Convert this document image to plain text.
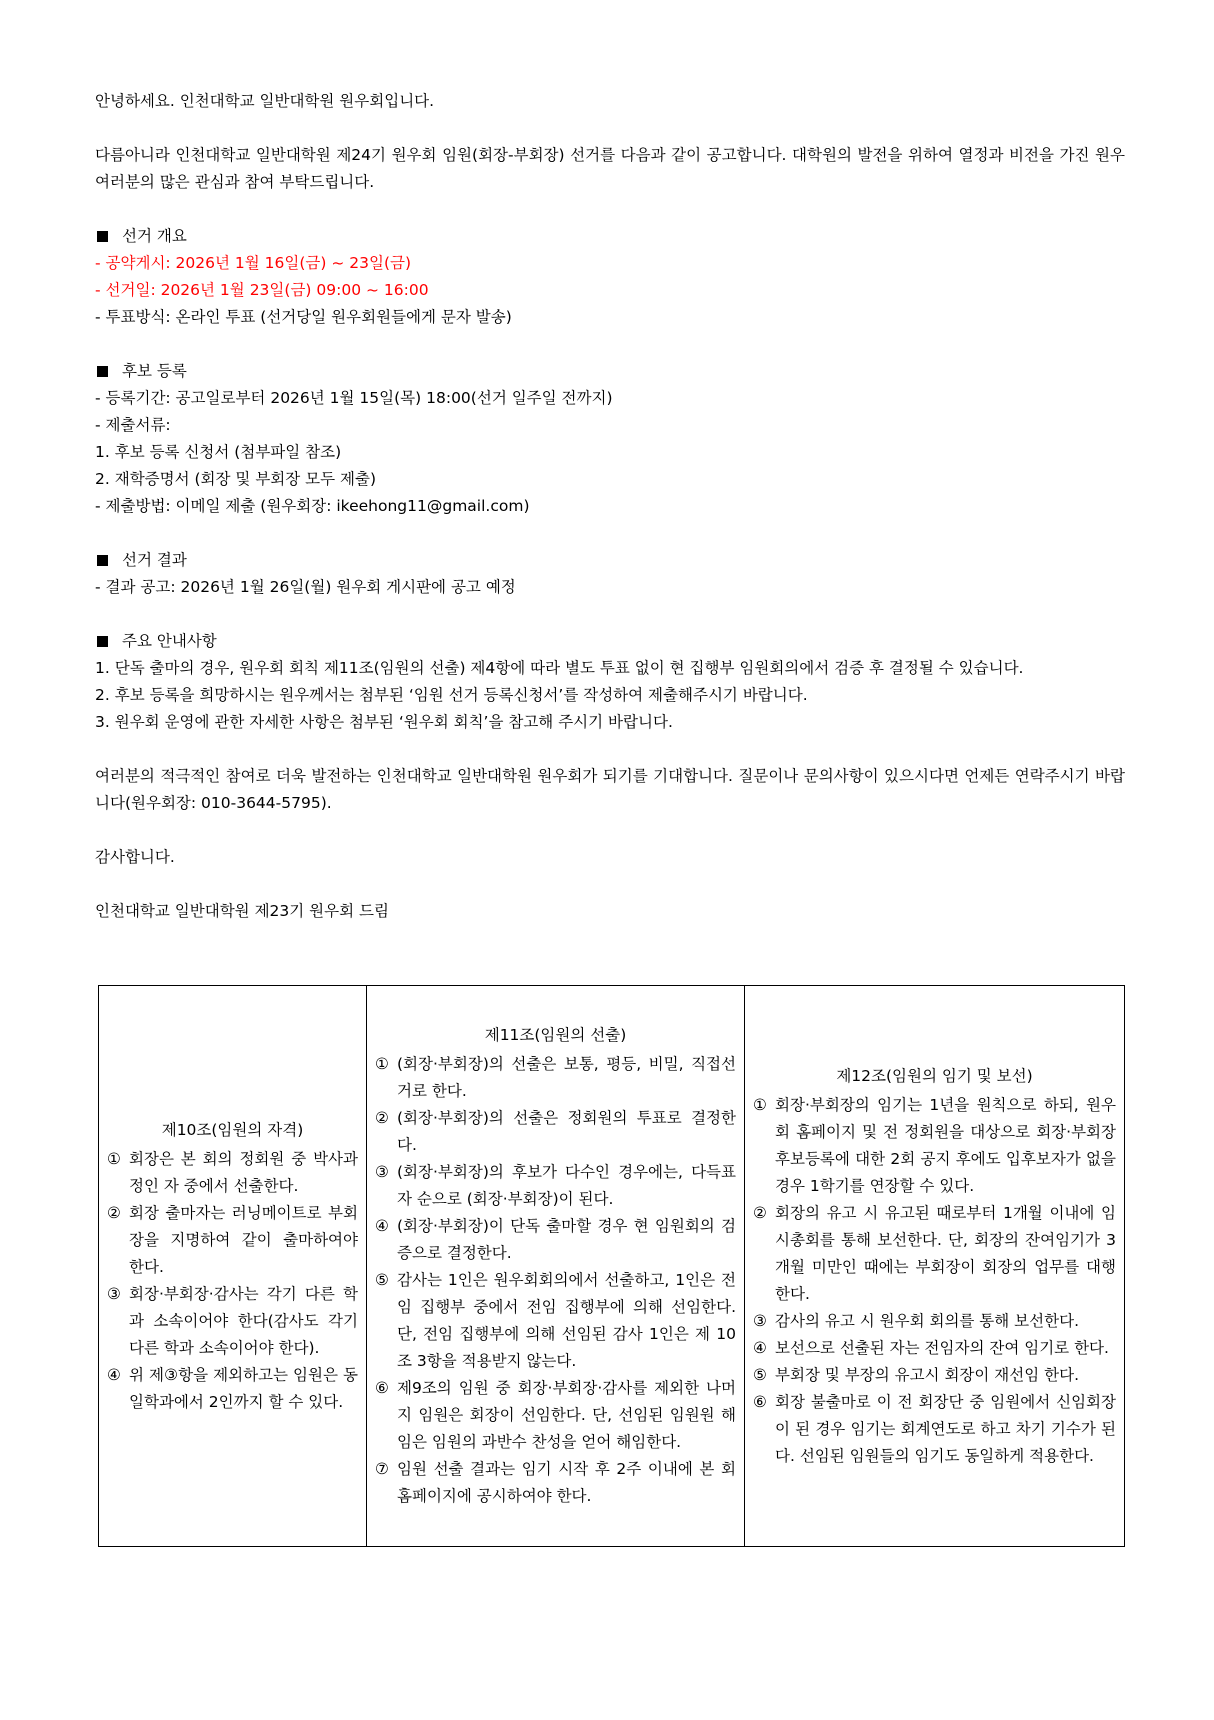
안녕하세요. 인천대학교 일반대학원 원우회입니다.

다름아니라 인천대학교 일반대학원 제24기 원우회 임원(회장-부회장) 선거를 다음과 같이 공고합니다. 대학원의 발전을 위하여 열정과 비전을 가진 원우 여러분의 많은 관심과 참여 부탁드립니다.

선거 개요

- 공약게시: 2026년 1월 16일(금) ~ 23일(금)

- 선거일: 2026년 1월 23일(금) 09:00 ~ 16:00

- 투표방식: 온라인 투표 (선거당일 원우회원들에게 문자 발송)

후보 등록

- 등록기간: 공고일로부터 2026년 1월 15일(목) 18:00(선거 일주일 전까지)

- 제출서류:

1. 후보 등록 신청서 (첨부파일 참조)

2. 재학증명서 (회장 및 부회장 모두 제출)

- 제출방법: 이메일 제출 (원우회장: ikeehong11@gmail.com)

선거 결과

- 결과 공고: 2026년 1월 26일(월) 원우회 게시판에 공고 예정

주요 안내사항

1. 단독 출마의 경우, 원우회 회칙 제11조(임원의 선출) 제4항에 따라 별도 투표 없이 현 집행부 임원회의에서 검증 후 결정될 수 있습니다.

2. 후보 등록을 희망하시는 원우께서는 첨부된 ‘임원 선거 등록신청서’를 작성하여 제출해주시기 바랍니다.

3. 원우회 운영에 관한 자세한 사항은 첨부된 ‘원우회 회칙’을 참고해 주시기 바랍니다.

여러분의 적극적인 참여로 더욱 발전하는 인천대학교 일반대학원 원우회가 되기를 기대합니다. 질문이나 문의사항이 있으시다면 언제든 연락주시기 바랍니다(원우회장: 010-3644-5795).

감사합니다.

인천대학교 일반대학원 제23기 원우회 드림

제10조(임원의 자격)
① 회장은 본 회의 정회원 중 박사과정인 자 중에서 선출한다.
② 회장 출마자는 러닝메이트로 부회장을 지명하여 같이 출마하여야 한다.
③ 회장·부회장·감사는 각기 다른 학과 소속이어야 한다(감사도 각기 다른 학과 소속이어야 한다).
④ 위 제③항을 제외하고는 임원은 동일학과에서 2인까지 할 수 있다.

제11조(임원의 선출)
① (회장·부회장)의 선출은 보통, 평등, 비밀, 직접선거로 한다.
② (회장·부회장)의 선출은 정회원의 투표로 결정한다.
③ (회장·부회장)의 후보가 다수인 경우에는, 다득표자 순으로 (회장·부회장)이 된다.
④ (회장·부회장)이 단독 출마할 경우 현 임원회의 검증으로 결정한다.
⑤ 감사는 1인은 원우회회의에서 선출하고, 1인은 전임 집행부 중에서 전임 집행부에 의해 선임한다. 단, 전임 집행부에 의해 선임된 감사 1인은 제 10조 3항을 적용받지 않는다.
⑥ 제9조의 임원 중 회장·부회장·감사를 제외한 나머지 임원은 회장이 선임한다. 단, 선임된 임원원 해임은 임원의 과반수 찬성을 얻어 해임한다.
⑦ 임원 선출 결과는 임기 시작 후 2주 이내에 본 회 홈페이지에 공시하여야 한다.

제12조(임원의 임기 및 보선)
① 회장·부회장의 임기는 1년을 원칙으로 하되, 원우회 홈페이지 및 전 정회원을 대상으로 회장·부회장 후보등록에 대한 2회 공지 후에도 입후보자가 없을 경우 1학기를 연장할 수 있다.
② 회장의 유고 시 유고된 때로부터 1개월 이내에 임시총회를 통해 보선한다. 단, 회장의 잔여임기가 3개월 미만인 때에는 부회장이 회장의 업무를 대행한다.
③ 감사의 유고 시 원우회 회의를 통해 보선한다.
④ 보선으로 선출된 자는 전임자의 잔여 임기로 한다.
⑤ 부회장 및 부장의 유고시 회장이 재선임 한다.
⑥ 회장 불출마로 이 전 회장단 중 임원에서 신임회장이 된 경우 임기는 회계연도로 하고 차기 기수가 된다. 선임된 임원들의 임기도 동일하게 적용한다.
